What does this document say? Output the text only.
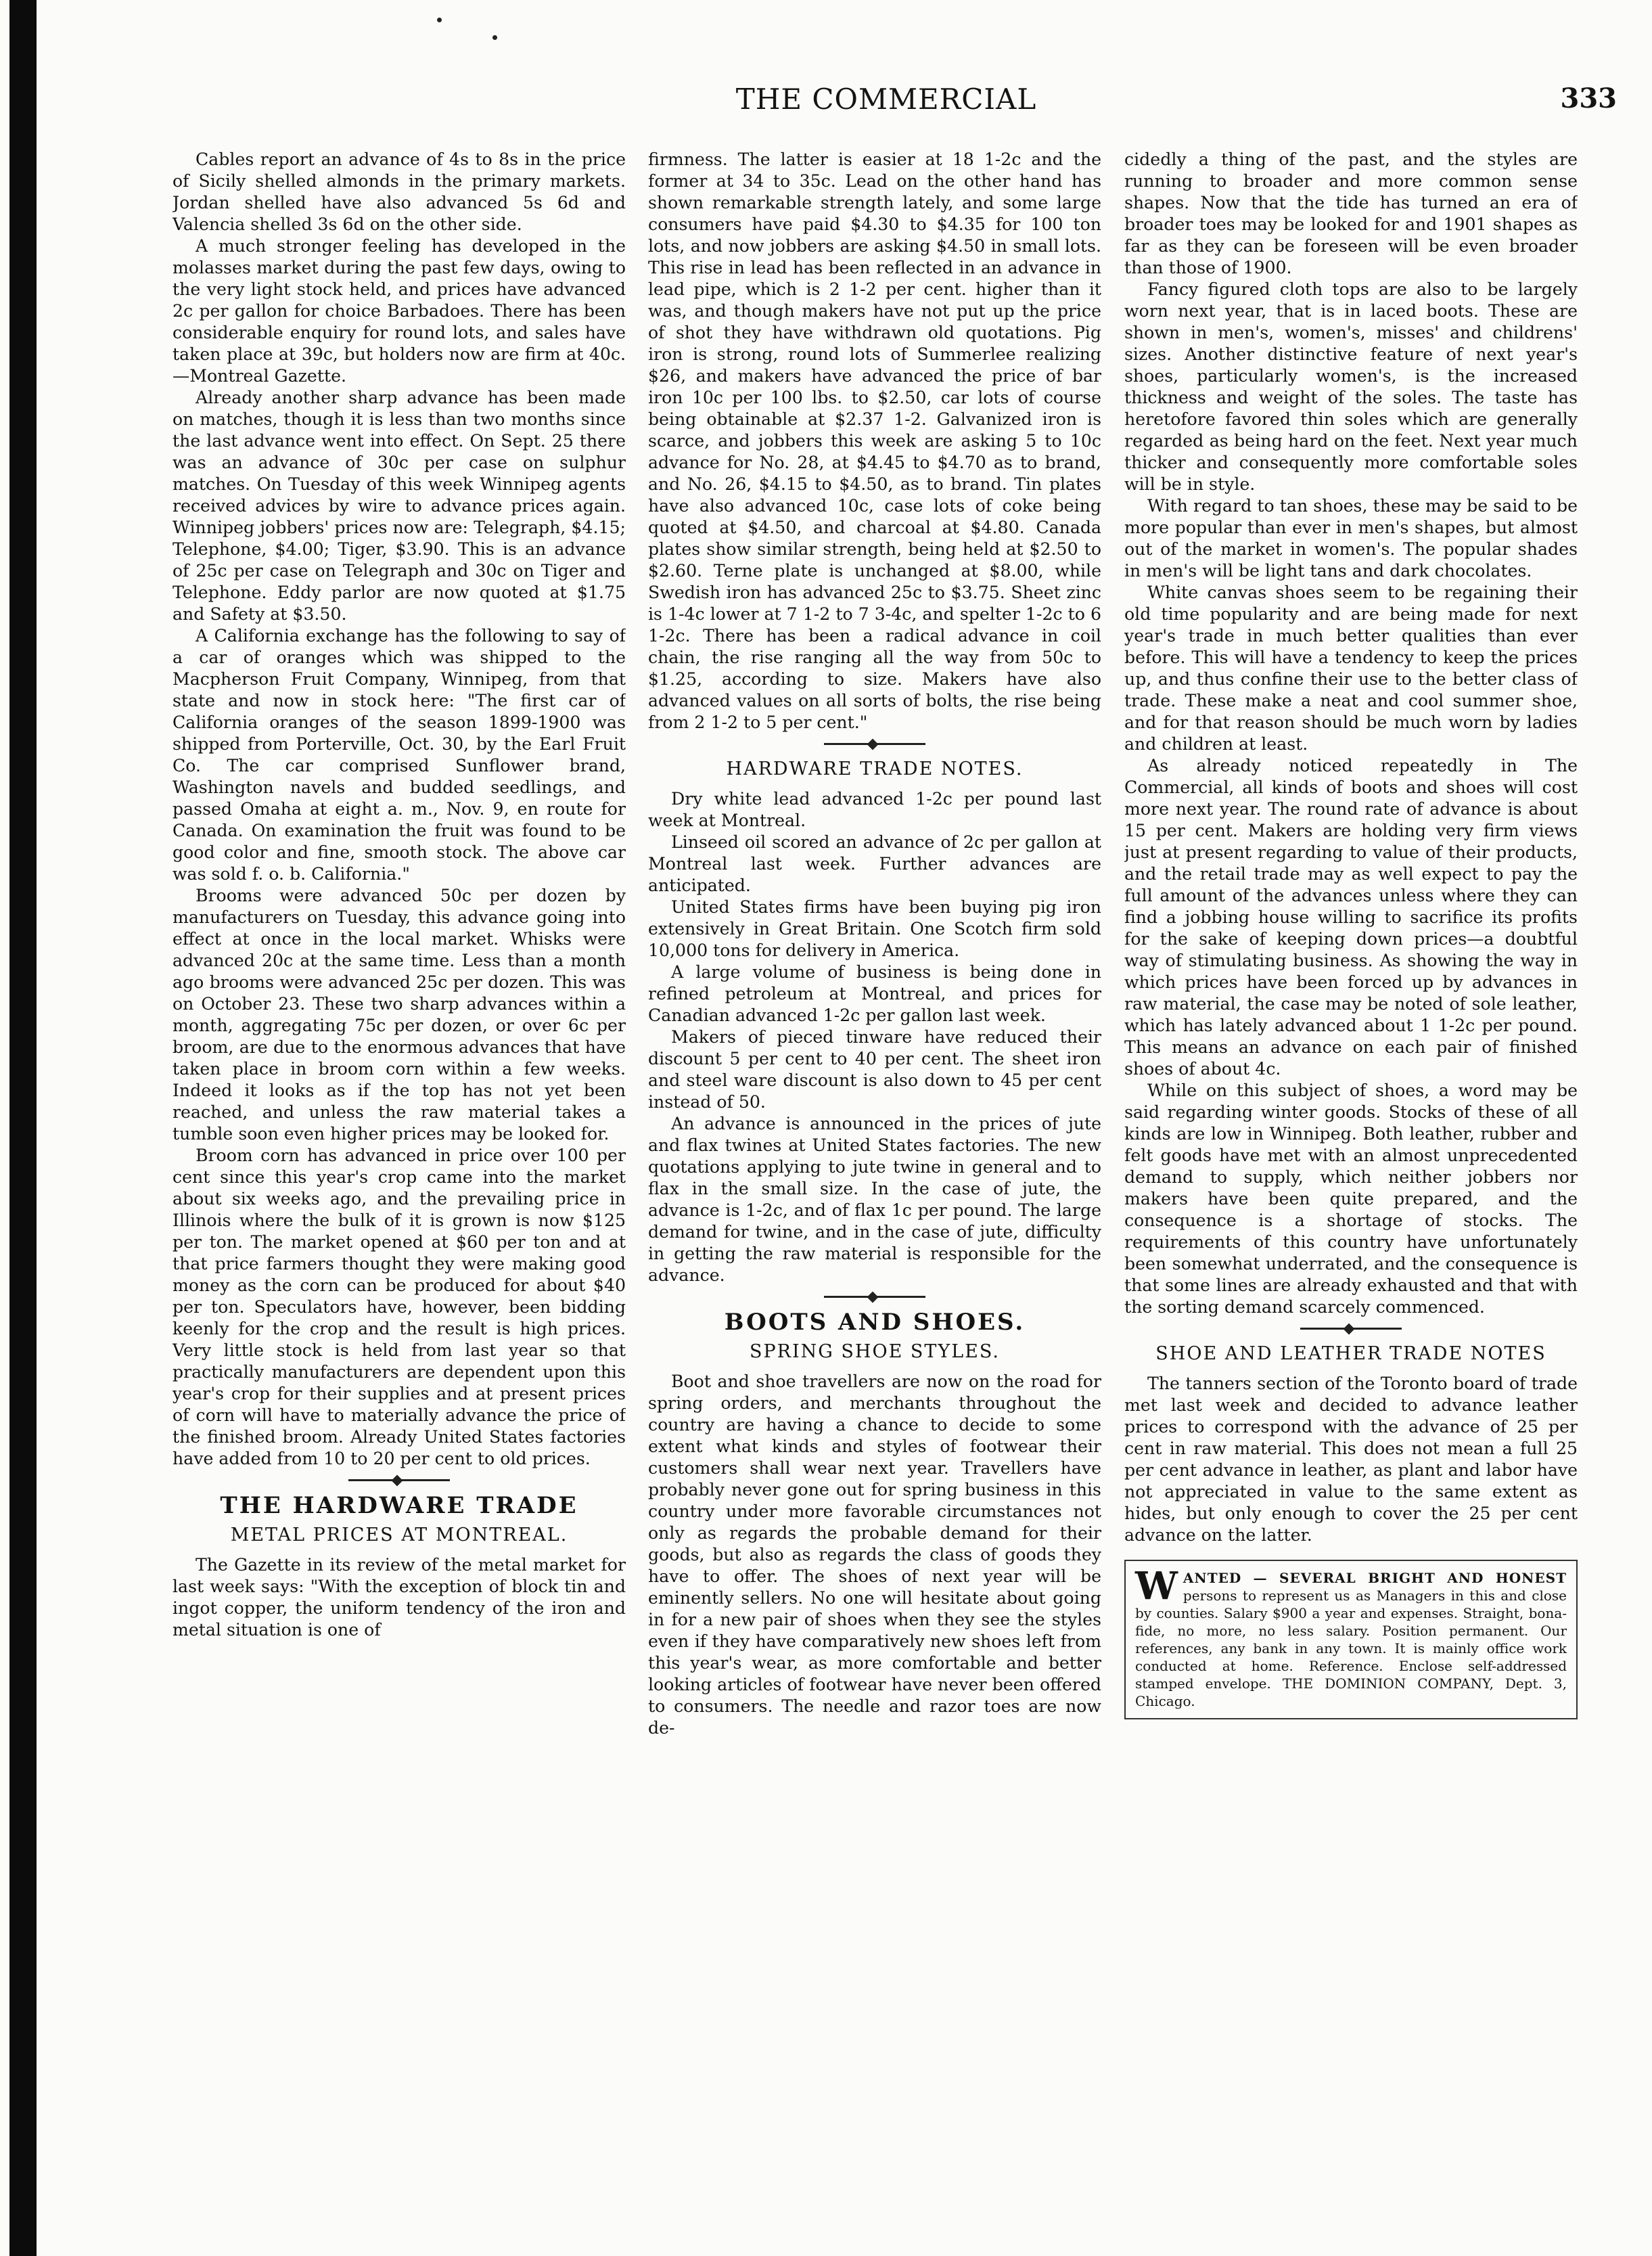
THE COMMERCIAL	333

Cables report an advance of 4s to 8s in the price of Sicily shelled almonds in the primary markets. Jordan shelled have also advanced 5s 6d and Valencia shelled 3s 6d on the other side.

A much stronger feeling has developed in the molasses market during the past few days, owing to the very light stock held, and prices have advanced 2c per gallon for choice Barbadoes. There has been considerable enquiry for round lots, and sales have taken place at 39c, but holders now are firm at 40c.—Montreal Gazette.

Already another sharp advance has been made on matches, though it is less than two months since the last advance went into effect. On Sept. 25 there was an advance of 30c per case on sulphur matches. On Tuesday of this week Winnipeg agents received advices by wire to advance prices again. Winnipeg jobbers' prices now are: Telegraph, $4.15; Telephone, $4.00; Tiger, $3.90. This is an advance of 25c per case on Telegraph and 30c on Tiger and Telephone. Eddy parlor are now quoted at $1.75 and Safety at $3.50.

A California exchange has the following to say of a car of oranges which was shipped to the Macpherson Fruit Company, Winnipeg, from that state and now in stock here: "The first car of California oranges of the season 1899-1900 was shipped from Porterville, Oct. 30, by the Earl Fruit Co. The car comprised Sunflower brand, Washington navels and budded seedlings, and passed Omaha at eight a. m., Nov. 9, en route for Canada. On examination the fruit was found to be good color and fine, smooth stock. The above car was sold f. o. b. California."

Brooms were advanced 50c per dozen by manufacturers on Tuesday, this advance going into effect at once in the local market. Whisks were advanced 20c at the same time. Less than a month ago brooms were advanced 25c per dozen. This was on October 23. These two sharp advances within a month, aggregating 75c per dozen, or over 6c per broom, are due to the enormous advances that have taken place in broom corn within a few weeks. Indeed it looks as if the top has not yet been reached, and unless the raw material takes a tumble soon even higher prices may be looked for.

Broom corn has advanced in price over 100 per cent since this year's crop came into the market about six weeks ago, and the prevailing price in Illinois where the bulk of it is grown is now $125 per ton. The market opened at $60 per ton and at that price farmers thought they were making good money as the corn can be produced for about $40 per ton. Speculators have, however, been bidding keenly for the crop and the result is high prices. Very little stock is held from last year so that practically manufacturers are dependent upon this year's crop for their supplies and at present prices of corn will have to materially advance the price of the finished broom. Already United States factories have added from 10 to 20 per cent to old prices.

THE HARDWARE TRADE
METAL PRICES AT MONTREAL.

The Gazette in its review of the metal market for last week says: "With the exception of block tin and ingot copper, the uniform tendency of the iron and metal situation is one of

firmness. The latter is easier at 18 1-2c and the former at 34 to 35c. Lead on the other hand has shown remarkable strength lately, and some large consumers have paid $4.30 to $4.35 for 100 ton lots, and now jobbers are asking $4.50 in small lots. This rise in lead has been reflected in an advance in lead pipe, which is 2 1-2 per cent. higher than it was, and though makers have not put up the price of shot they have withdrawn old quotations. Pig iron is strong, round lots of Summerlee realizing $26, and makers have advanced the price of bar iron 10c per 100 lbs. to $2.50, car lots of course being obtainable at $2.37 1-2. Galvanized iron is scarce, and jobbers this week are asking 5 to 10c advance for No. 28, at $4.45 to $4.70 as to brand, and No. 26, $4.15 to $4.50, as to brand. Tin plates have also advanced 10c, case lots of coke being quoted at $4.50, and charcoal at $4.80. Canada plates show similar strength, being held at $2.50 to $2.60. Terne plate is unchanged at $8.00, while Swedish iron has advanced 25c to $3.75. Sheet zinc is 1-4c lower at 7 1-2 to 7 3-4c, and spelter 1-2c to 6 1-2c. There has been a radical advance in coil chain, the rise ranging all the way from 50c to $1.25, according to size. Makers have also advanced values on all sorts of bolts, the rise being from 2 1-2 to 5 per cent."

HARDWARE TRADE NOTES.

Dry white lead advanced 1-2c per pound last week at Montreal.

Linseed oil scored an advance of 2c per gallon at Montreal last week. Further advances are anticipated.

United States firms have been buying pig iron extensively in Great Britain. One Scotch firm sold 10,000 tons for delivery in America.

A large volume of business is being done in refined petroleum at Montreal, and prices for Canadian advanced 1-2c per gallon last week.

Makers of pieced tinware have reduced their discount 5 per cent to 40 per cent. The sheet iron and steel ware discount is also down to 45 per cent instead of 50.

An advance is announced in the prices of jute and flax twines at United States factories. The new quotations applying to jute twine in general and to flax in the small size. In the case of jute, the advance is 1-2c, and of flax 1c per pound. The large demand for twine, and in the case of jute, difficulty in getting the raw material is responsible for the advance.

BOOTS AND SHOES.
SPRING SHOE STYLES.

Boot and shoe travellers are now on the road for spring orders, and merchants throughout the country are having a chance to decide to some extent what kinds and styles of footwear their customers shall wear next year. Travellers have probably never gone out for spring business in this country under more favorable circumstances not only as regards the probable demand for their goods, but also as regards the class of goods they have to offer. The shoes of next year will be eminently sellers. No one will hesitate about going in for a new pair of shoes when they see the styles even if they have comparatively new shoes left from this year's wear, as more comfortable and better looking articles of footwear have never been offered to consumers. The needle and razor toes are now de-

cidedly a thing of the past, and the styles are running to broader and more common sense shapes. Now that the tide has turned an era of broader toes may be looked for and 1901 shapes as far as they can be foreseen will be even broader than those of 1900.

Fancy figured cloth tops are also to be largely worn next year, that is in laced boots. These are shown in men's, women's, misses' and childrens' sizes. Another distinctive feature of next year's shoes, particularly women's, is the increased thickness and weight of the soles. The taste has heretofore favored thin soles which are generally regarded as being hard on the feet. Next year much thicker and consequently more comfortable soles will be in style.

With regard to tan shoes, these may be said to be more popular than ever in men's shapes, but almost out of the market in women's. The popular shades in men's will be light tans and dark chocolates.

White canvas shoes seem to be regaining their old time popularity and are being made for next year's trade in much better qualities than ever before. This will have a tendency to keep the prices up, and thus confine their use to the better class of trade. These make a neat and cool summer shoe, and for that reason should be much worn by ladies and children at least.

As already noticed repeatedly in The Commercial, all kinds of boots and shoes will cost more next year. The round rate of advance is about 15 per cent. Makers are holding very firm views just at present regarding to value of their products, and the retail trade may as well expect to pay the full amount of the advances unless where they can find a jobbing house willing to sacrifice its profits for the sake of keeping down prices—a doubtful way of stimulating business. As showing the way in which prices have been forced up by advances in raw material, the case may be noted of sole leather, which has lately advanced about 1 1-2c per pound. This means an advance on each pair of finished shoes of about 4c.

While on this subject of shoes, a word may be said regarding winter goods. Stocks of these of all kinds are low in Winnipeg. Both leather, rubber and felt goods have met with an almost unprecedented demand to supply, which neither jobbers nor makers have been quite prepared, and the consequence is a shortage of stocks. The requirements of this country have unfortunately been somewhat underrated, and the consequence is that some lines are already exhausted and that with the sorting demand scarcely commenced.

SHOE AND LEATHER TRADE NOTES

The tanners section of the Toronto board of trade met last week and decided to advance leather prices to correspond with the advance of 25 per cent in raw material. This does not mean a full 25 per cent advance in leather, as plant and labor have not appreciated in value to the same extent as hides, but only enough to cover the 25 per cent advance on the latter.

W ANTED — SEVERAL BRIGHT AND HONEST persons to represent us as Managers in this and close by counties. Salary $900 a year and expenses. Straight, bona-fide, no more, no less salary. Position permanent. Our references, any bank in any town. It is mainly office work conducted at home. Reference. Enclose self-addressed stamped envelope. THE DOMINION COMPANY, Dept. 3, Chicago.
